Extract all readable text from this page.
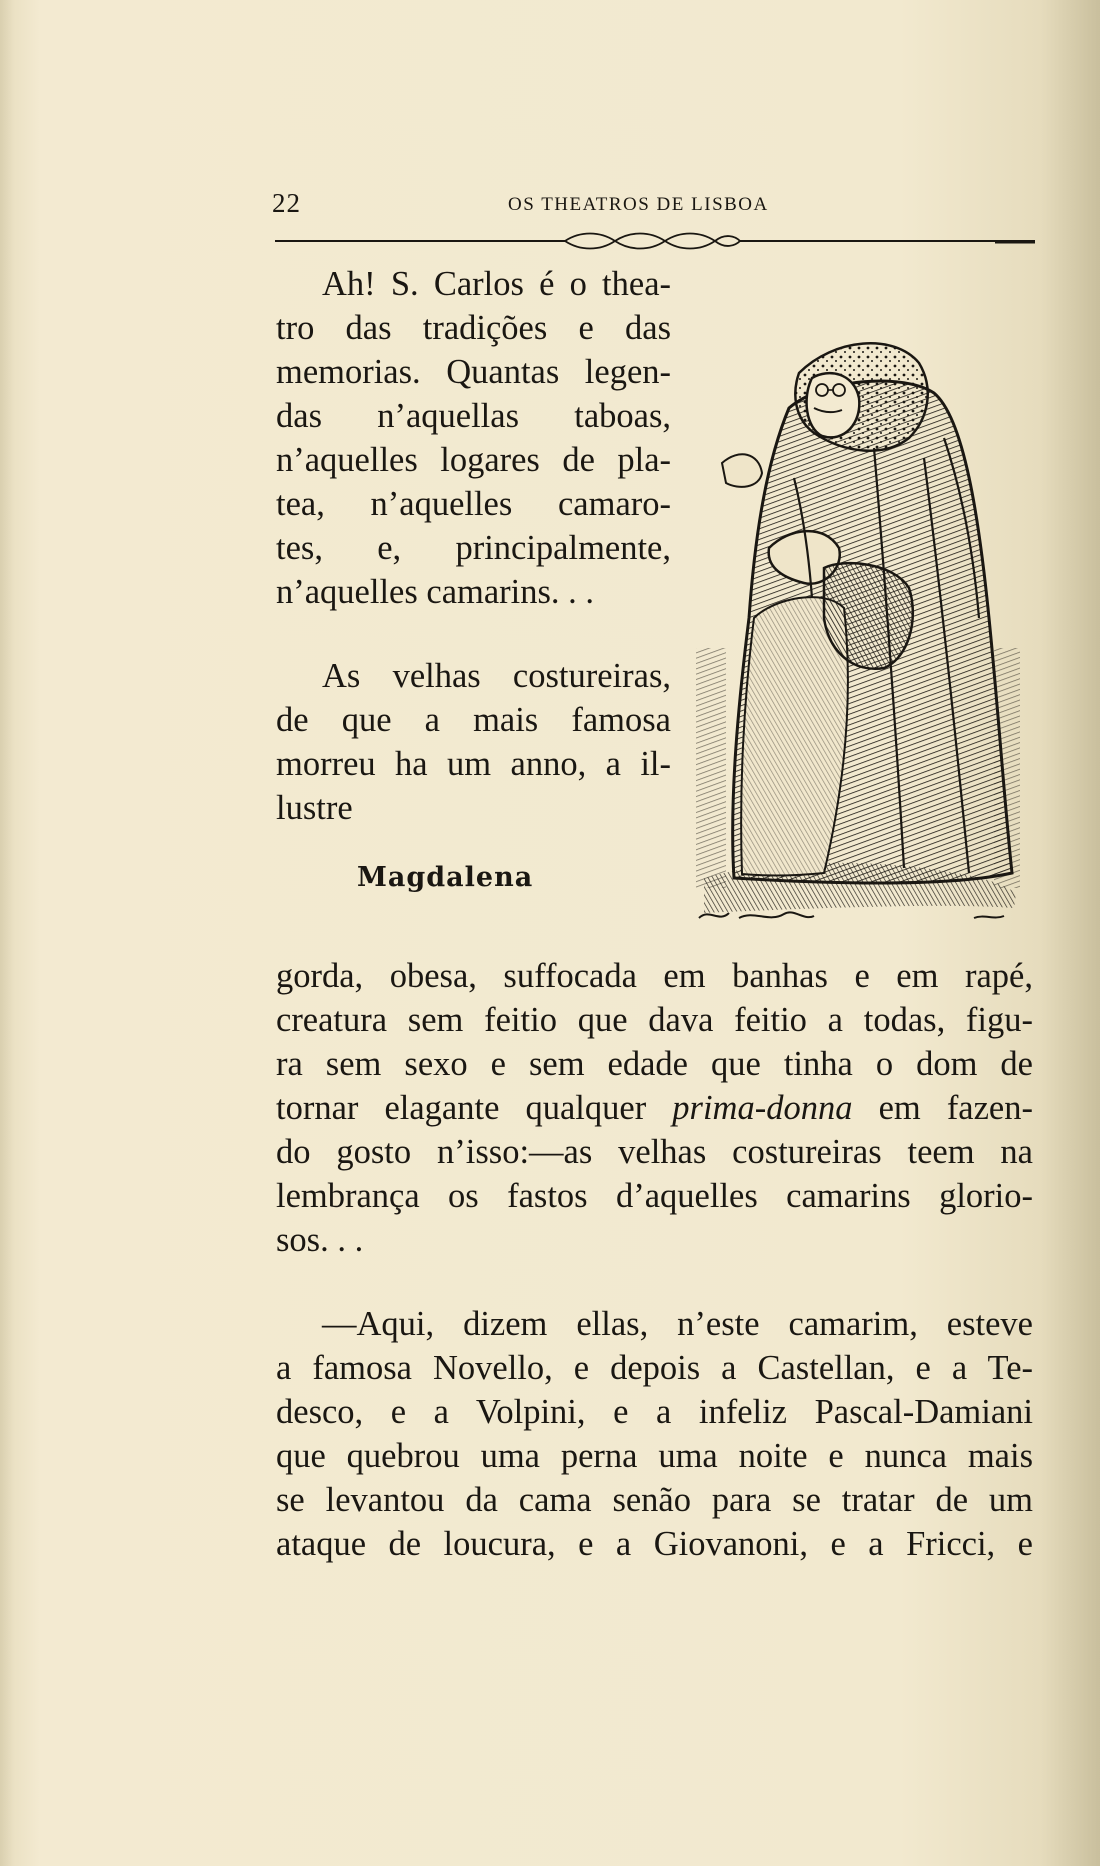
22	OS THEATROS DE LISBOA

Ah! S. Carlos é o thea-
tro das tradições e das
memorias. Quantas legen-
das n’aquellas taboas,
n’aquelles logares de pla-
tea, n’aquelles camaro-
tes, e, principalmente,
n’aquelles camarins. . .

As velhas costureiras,
de que a mais famosa
morreu ha um anno, a il-
lustre

Magdalena

gorda, obesa, suffocada em banhas e em rapé,
creatura sem feitio que dava feitio a todas, figu-
ra sem sexo e sem edade que tinha o dom de
tornar elagante qualquer prima-donna em fazen-
do gosto n’isso:—as velhas costureiras teem na
lembrança os fastos d’aquelles camarins glorio-
sos. . .

—Aqui, dizem ellas, n’este camarim, esteve
a famosa Novello, e depois a Castellan, e a Te-
desco, e a Volpini, e a infeliz Pascal-Damiani
que quebrou uma perna uma noite e nunca mais
se levantou da cama senão para se tratar de um
ataque de loucura, e a Giovanoni, e a Fricci, e
